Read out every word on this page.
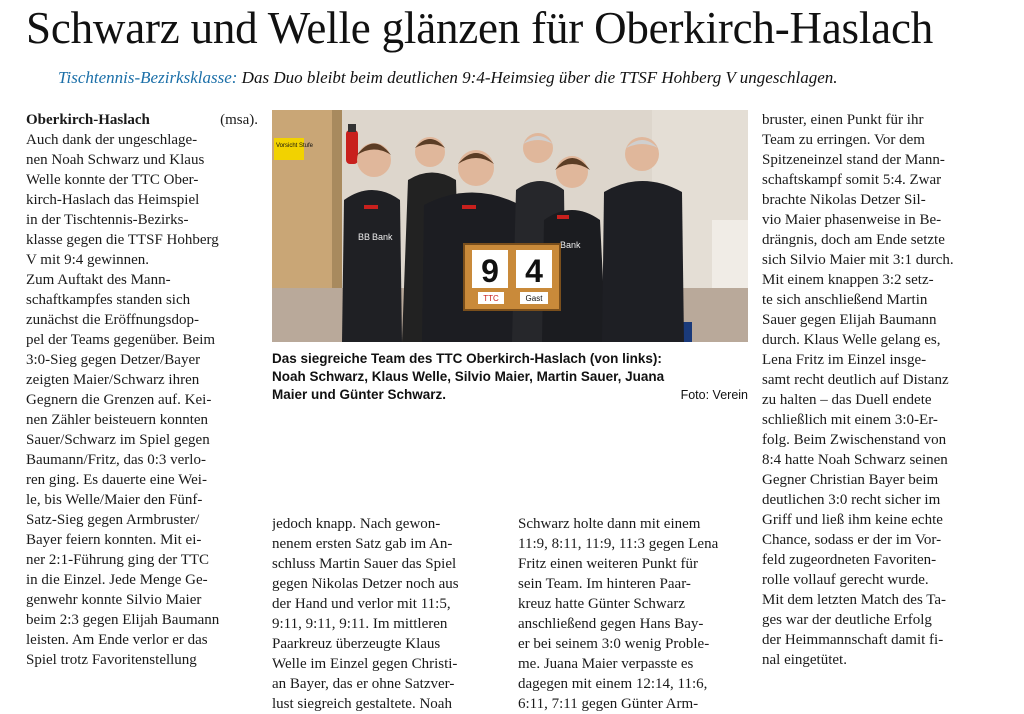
Schwarz und Welle glänzen für Oberkirch-Haslach
Tischtennis-Bezirksklasse: Das Duo bleibt beim deutlichen 9:4-Heimsieg über die TTSF Hohberg V ungeschlagen.
Oberkirch-Haslach	(msa).
Auch dank der ungeschlage-
nen Noah Schwarz und Klaus
Welle konnte der TTC Ober-
kirch-Haslach das Heimspiel
in der Tischtennis-Bezirks-
klasse gegen die TTSF Hohberg
V mit 9:4 gewinnen.
Zum Auftakt des Mann-
schaftkampfes standen sich
zunächst die Eröffnungsdop-
pel der Teams gegenüber. Beim
3:0-Sieg gegen Detzer/Bayer
zeigten Maier/Schwarz ihren
Gegnern die Grenzen auf. Kei-
nen Zähler beisteuern konnten
Sauer/Schwarz im Spiel gegen
Baumann/Fritz, das 0:3 verlo-
ren ging. Es dauerte eine Wei-
le, bis Welle/Maier den Fünf-
Satz-Sieg gegen Armbruster/
Bayer feiern konnten. Mit ei-
ner 2:1-Führung ging der TTC
in die Einzel. Jede Menge Ge-
genwehr konnte Silvio Maier
beim 2:3 gegen Elijah Baumann
leisten. Am Ende verlor er das
Spiel trotz Favoritenstellung
Vorsicht Stufe
BB Bank
Bank
9 4
TTC	Gast
Das siegreiche Team des TTC Oberkirch-Haslach (von links):
Noah Schwarz, Klaus Welle, Silvio Maier, Martin Sauer, Juana
Maier und Günter Schwarz.	Foto: Verein
jedoch knapp. Nach gewon-
nenem ersten Satz gab im An-
schluss Martin Sauer das Spiel
gegen Nikolas Detzer noch aus
der Hand und verlor mit 11:5,
9:11, 9:11, 9:11. Im mittleren
Paarkreuz überzeugte Klaus
Welle im Einzel gegen Christi-
an Bayer, das er ohne Satzver-
lust siegreich gestaltete. Noah
Schwarz holte dann mit einem
11:9, 8:11, 11:9, 11:3 gegen Lena
Fritz einen weiteren Punkt für
sein Team. Im hinteren Paar-
kreuz hatte Günter Schwarz
anschließend gegen Hans Bay-
er bei seinem 3:0 wenig Proble-
me. Juana Maier verpasste es
dagegen mit einem 12:14, 11:6,
6:11, 7:11 gegen Günter Arm-
bruster, einen Punkt für ihr
Team zu erringen. Vor dem
Spitzeneinzel stand der Mann-
schaftskampf somit 5:4. Zwar
brachte Nikolas Detzer Sil-
vio Maier phasenweise in Be-
drängnis, doch am Ende setzte
sich Silvio Maier mit 3:1 durch.
Mit einem knappen 3:2 setz-
te sich anschließend Martin
Sauer gegen Elijah Baumann
durch. Klaus Welle gelang es,
Lena Fritz im Einzel insge-
samt recht deutlich auf Distanz
zu halten – das Duell endete
schließlich mit einem 3:0-Er-
folg. Beim Zwischenstand von
8:4 hatte Noah Schwarz seinen
Gegner Christian Bayer beim
deutlichen 3:0 recht sicher im
Griff und ließ ihm keine echte
Chance, sodass er der im Vor-
feld zugeordneten Favoriten-
rolle vollauf gerecht wurde.
Mit dem letzten Match des Ta-
ges war der deutliche Erfolg
der Heimmannschaft damit fi-
nal eingetütet.
